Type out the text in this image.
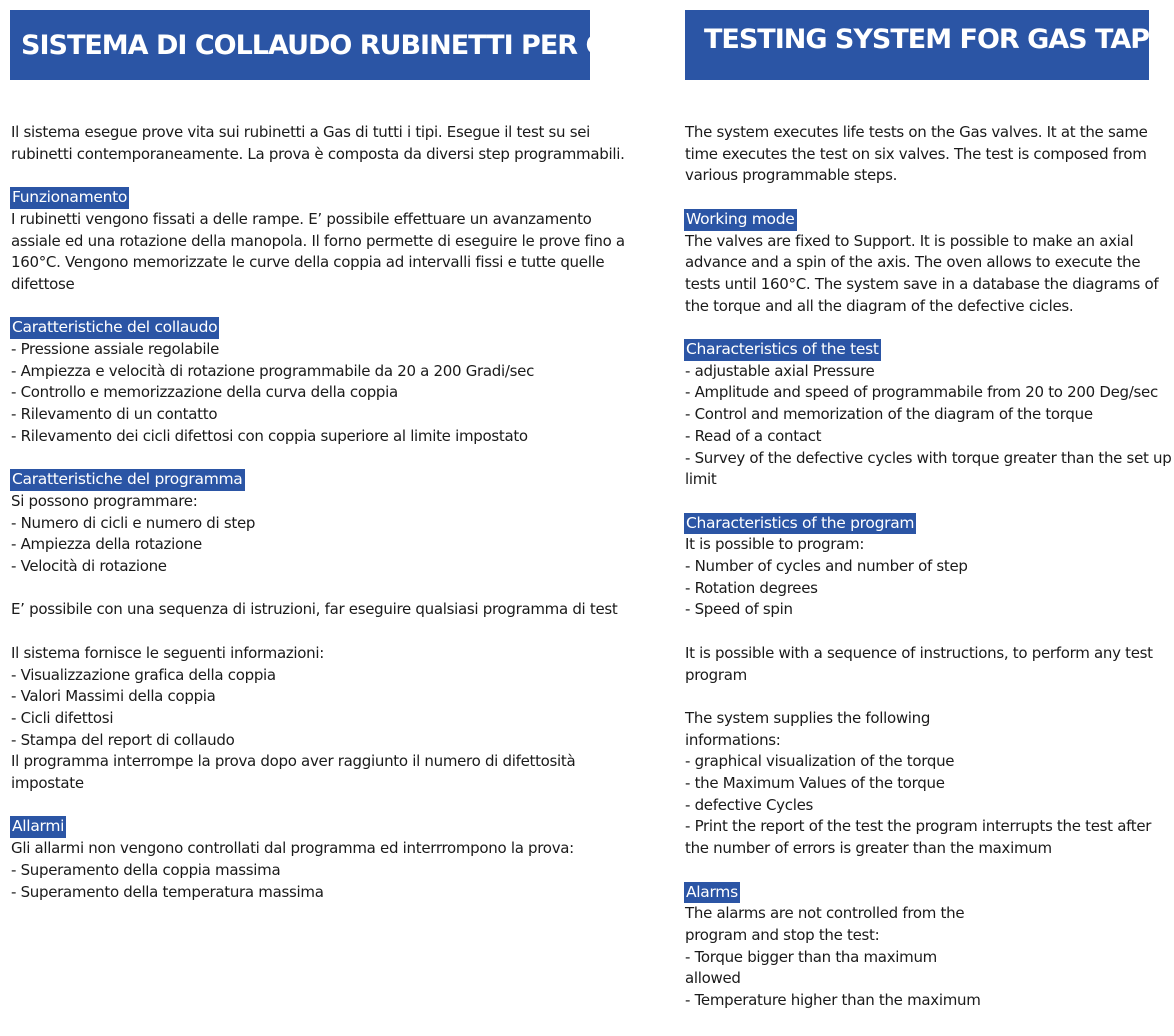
SISTEMA DI COLLAUDO RUBINETTI PER GAS TESTING SYSTEM FOR GAS TAPS
Il sistema esegue prove vita sui rubinetti a Gas di tutti i tipi. Esegue il test su sei
rubinetti contemporaneamente. La prova è composta da diversi step programmabili.
Funzionamento
I rubinetti vengono fissati a delle rampe. E’ possibile effettuare un avanzamento
assiale ed una rotazione della manopola. Il forno permette di eseguire le prove fino a
160°C. Vengono memorizzate le curve della coppia ad intervalli fissi e tutte quelle
difettose
Caratteristiche del collaudo
- Pressione assiale regolabile
- Ampiezza e velocità di rotazione programmabile da 20 a 200 Gradi/sec
- Controllo e memorizzazione della curva della coppia
- Rilevamento di un contatto
- Rilevamento dei cicli difettosi con coppia superiore al limite impostato
Caratteristiche del programma
Si possono programmare:
- Numero di cicli e numero di step
- Ampiezza della rotazione
- Velocità di rotazione
E’ possibile con una sequenza di istruzioni, far eseguire qualsiasi programma di test
Il sistema fornisce le seguenti informazioni:
- Visualizzazione grafica della coppia
- Valori Massimi della coppia
- Cicli difettosi
- Stampa del report di collaudo
Il programma interrompe la prova dopo aver raggiunto il numero di difettosità
impostate
Allarmi
Gli allarmi non vengono controllati dal programma ed interrrompono la prova:
- Superamento della coppia massima
- Superamento della temperatura massima
The system executes life tests on the Gas valves. It at the same
time executes the test on six valves. The test is composed from
various programmable steps.
Working mode
The valves are fixed to Support. It is possible to make an axial
advance and a spin of the axis. The oven allows to execute the
tests until 160°C. The system save in a database the diagrams of
the torque and all the diagram of the defective cicles.
Characteristics of the test
- adjustable axial Pressure
- Amplitude and speed of programmabile from 20 to 200 Deg/sec
- Control and memorization of the diagram of the torque
- Read of a contact
- Survey of the defective cycles with torque greater than the set up
limit
Characteristics of the program
It is possible to program:
- Number of cycles and number of step
- Rotation degrees
- Speed of spin
It is possible with a sequence of instructions, to perform any test
program
The system supplies the following
informations:
- graphical visualization of the torque
- the Maximum Values of the torque
- defective Cycles
- Print the report of the test the program interrupts the test after
the number of errors is greater than the maximum
Alarms
The alarms are not controlled from the
program and stop the test:
- Torque bigger than tha maximum
allowed
- Temperature higher than the maximum
